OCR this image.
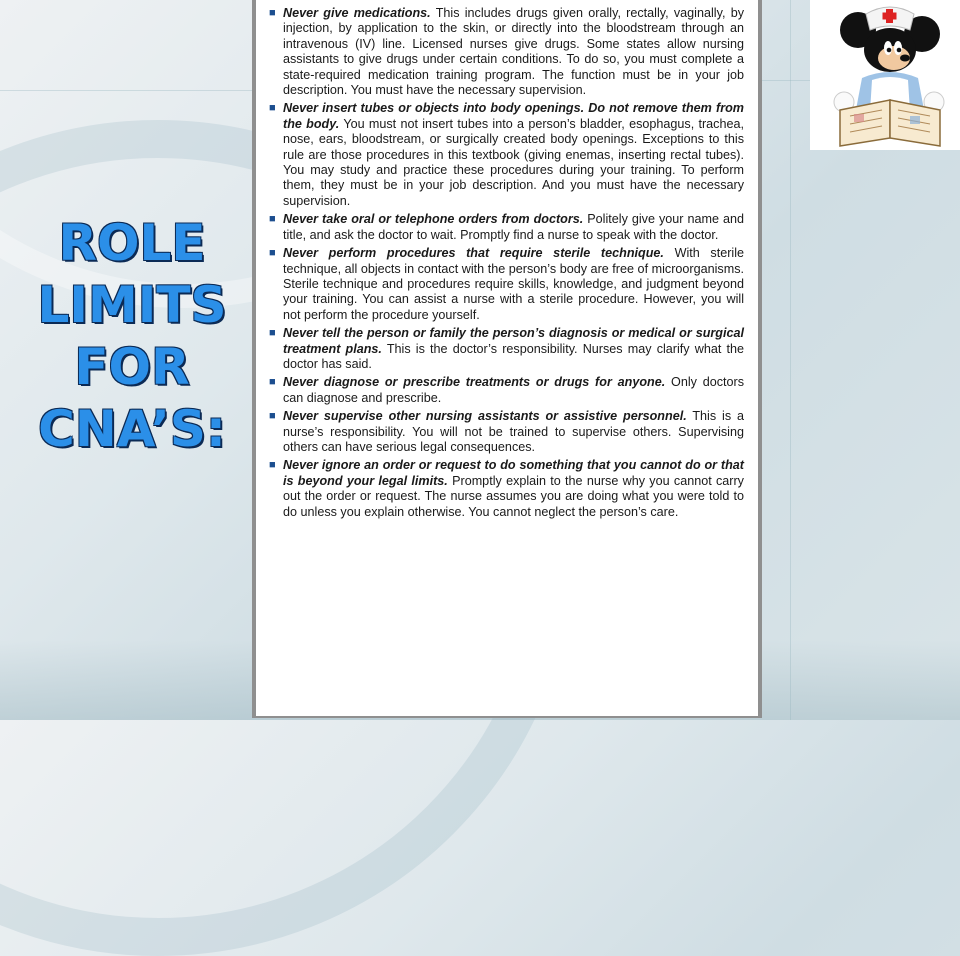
ROLE
LIMITS
FOR
CNA’S:
■ Never give medications. This includes drugs given orally, rectally, vaginally, by injection, by application to the skin, or directly into the bloodstream through an intravenous (IV) line. Licensed nurses give drugs. Some states allow nursing assistants to give drugs under certain conditions. To do so, you must complete a state-required medication training program. The function must be in your job description. You must have the necessary supervision.
■ Never insert tubes or objects into body openings. Do not remove them from the body. You must not insert tubes into a person’s bladder, esophagus, trachea, nose, ears, bloodstream, or surgically created body openings. Exceptions to this rule are those procedures in this textbook (giving enemas, inserting rectal tubes). You may study and practice these procedures during your training. To perform them, they must be in your job description. And you must have the necessary supervision.
■ Never take oral or telephone orders from doctors. Politely give your name and title, and ask the doctor to wait. Promptly find a nurse to speak with the doctor.
■ Never perform procedures that require sterile technique. With sterile technique, all objects in contact with the person’s body are free of microorganisms. Sterile technique and procedures require skills, knowledge, and judgment beyond your training. You can assist a nurse with a sterile procedure. However, you will not perform the procedure yourself.
■ Never tell the person or family the person’s diagnosis or medical or surgical treatment plans. This is the doctor’s responsibility. Nurses may clarify what the doctor has said.
■ Never diagnose or prescribe treatments or drugs for anyone. Only doctors can diagnose and prescribe.
■ Never supervise other nursing assistants or assistive personnel. This is a nurse’s responsibility. You will not be trained to supervise others. Supervising others can have serious legal consequences.
■ Never ignore an order or request to do something that you cannot do or that is beyond your legal limits. Promptly explain to the nurse why you cannot carry out the order or request. The nurse assumes you are doing what you were told to do unless you explain otherwise. You cannot neglect the person’s care.
